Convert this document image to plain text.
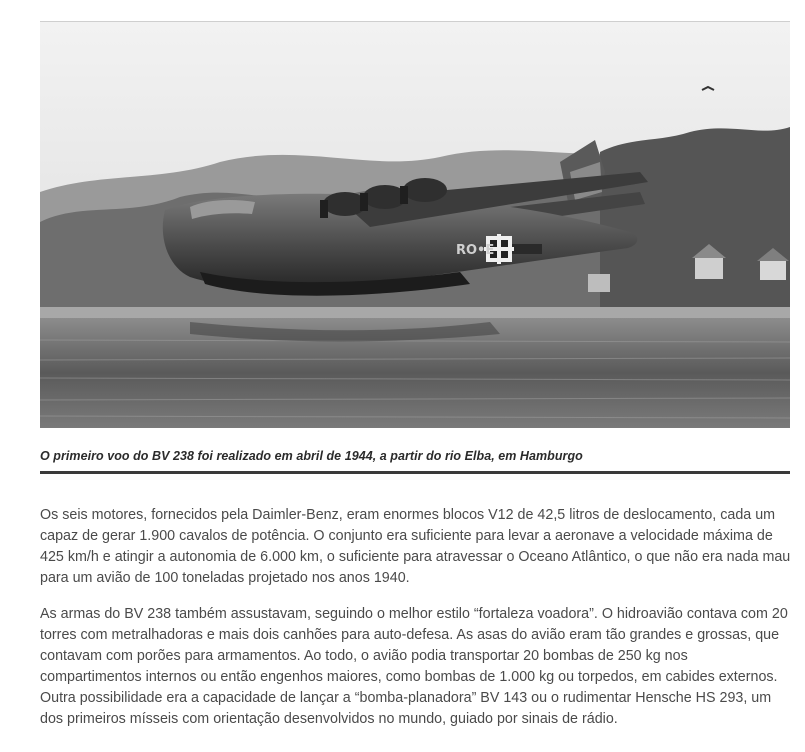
RO•E
O primeiro voo do BV 238 foi realizado em abril de 1944, a partir do rio Elba, em Hamburgo

Os seis motores, fornecidos pela Daimler-Benz, eram enormes blocos V12 de 42,5 litros de deslocamento, cada um capaz de gerar 1.900 cavalos de potência. O conjunto era suficiente para levar a aeronave a velocidade máxima de 425 km/h e atingir a autonomia de 6.000 km, o suficiente para atravessar o Oceano Atlântico, o que não era nada mau para um avião de 100 toneladas projetado nos anos 1940.

As armas do BV 238 também assustavam, seguindo o melhor estilo “fortaleza voadora”. O hidroavião contava com 20 torres com metralhadoras e mais dois canhões para auto-defesa. As asas do avião eram tão grandes e grossas, que contavam com porões para armamentos. Ao todo, o avião podia transportar 20 bombas de 250 kg nos compartimentos internos ou então engenhos maiores, como bombas de 1.000 kg ou torpedos, em cabides externos. Outra possibilidade era a capacidade de lançar a “bomba-planadora” BV 143 ou o rudimentar Hensche HS 293, um dos primeiros mísseis com orientação desenvolvidos no mundo, guiado por sinais de rádio.
